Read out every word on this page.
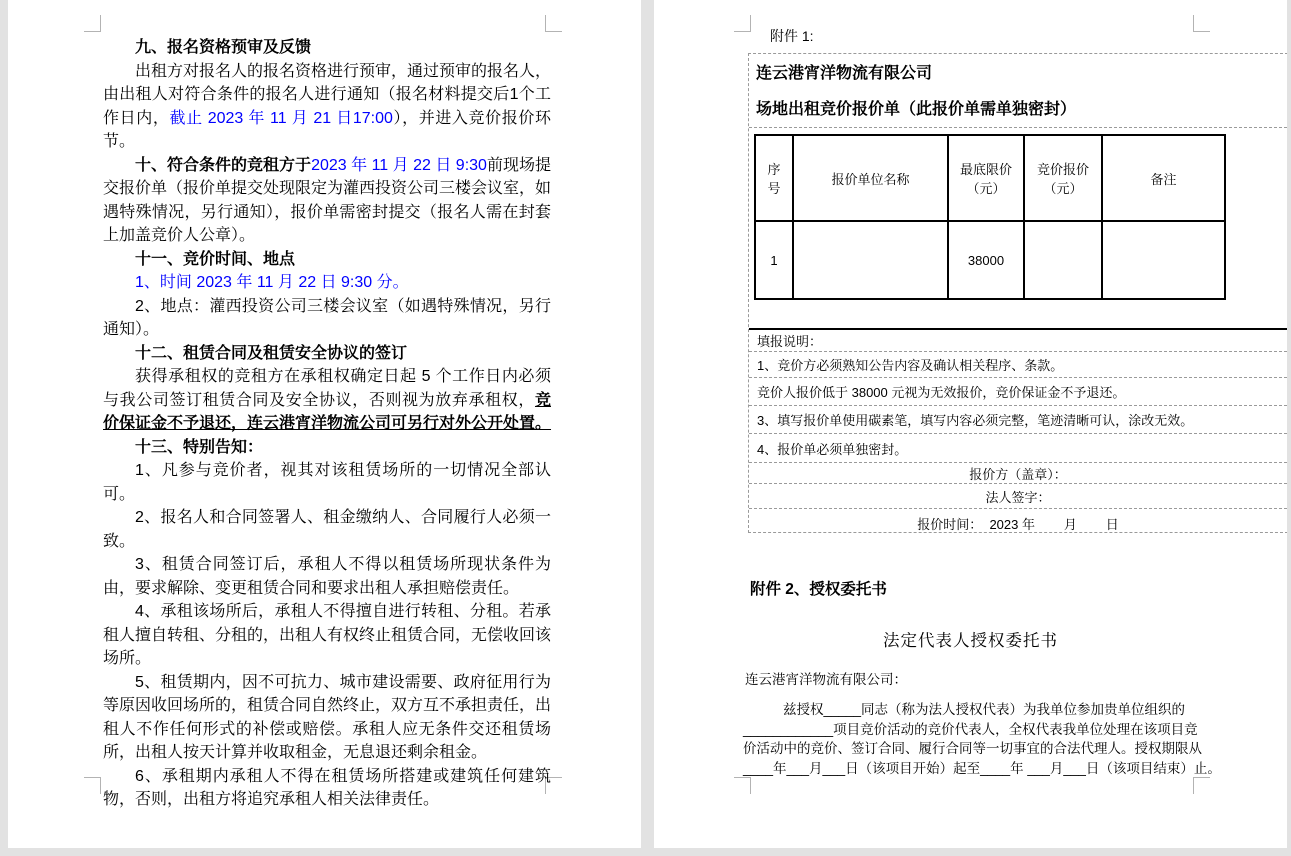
九、报名资格预审及反馈

出租方对报名人的报名资格进行预审，通过预审的报名人，由出租人对符合条件的报名人进行通知（报名材料提交后1个工作日内，截止 2023 年 11 月 21 日17:00），并进入竞价报价环节。

十、符合条件的竞租方于2023 年 11 月 22 日 9:30前现场提交报价单（报价单提交处现限定为灌西投资公司三楼会议室，如遇特殊情况，另行通知），报价单需密封提交（报名人需在封套上加盖竞价人公章）。

十一、竞价时间、地点

1、时间 2023 年 11 月 22 日 9:30 分。

2、地点：灌西投资公司三楼会议室（如遇特殊情况，另行通知）。

十二、租赁合同及租赁安全协议的签订

获得承租权的竞租方在承租权确定日起 5 个工作日内必须与我公司签订租赁合同及安全协议，否则视为放弃承租权，竞价保证金不予退还，连云港宵洋物流公司可另行对外公开处置。

十三、特别告知：

1、凡参与竞价者，视其对该租赁场所的一切情况全部认可。

2、报名人和合同签署人、租金缴纳人、合同履行人必须一致。

3、租赁合同签订后，承租人不得以租赁场所现状条件为由，要求解除、变更租赁合同和要求出租人承担赔偿责任。

4、承租该场所后，承租人不得擅自进行转租、分租。若承租人擅自转租、分租的，出租人有权终止租赁合同，无偿收回该场所。

5、租赁期内，因不可抗力、城市建设需要、政府征用行为等原因收回场所的，租赁合同自然终止，双方互不承担责任，出租人不作任何形式的补偿或赔偿。承租人应无条件交还租赁场所，出租人按天计算并收取租金，无息退还剩余租金。

6、承租期内承租人不得在租赁场所搭建或建筑任何建筑物，否则，出租方将追究承租人相关法律责任。

附件 1:
连云港宵洋物流有限公司
场地出租竞价报价单（此报价单需单独密封）
序号	报价单位名称	最底限价（元）	竞价报价（元）	备注
1		38000		
填报说明：
1、竞价方必须熟知公告内容及确认相关程序、条款。
竞价人报价低于 38000 元视为无效报价，竞价保证金不予退还。
3、填写报价单使用碳素笔，填写内容必须完整，笔迹清晰可认，涂改无效。
4、报价单必须单独密封。
报价方（盖章）：
法人签字：
报价时间：  2023 年        月        日
附件 2、授权委托书
法定代表人授权委托书
连云港宵洋物流有限公司：
兹授权_____同志（称为法人授权代表）为我单位参加贵单位组织的
____________项目竞价活动的竞价代表人，全权代表我单位处理在该项目竞
价活动中的竞价、签订合同、履行合同等一切事宜的合法代理人。授权期限从
____年___月___日（该项目开始）起至____年 ___月___日（该项目结束）止。
